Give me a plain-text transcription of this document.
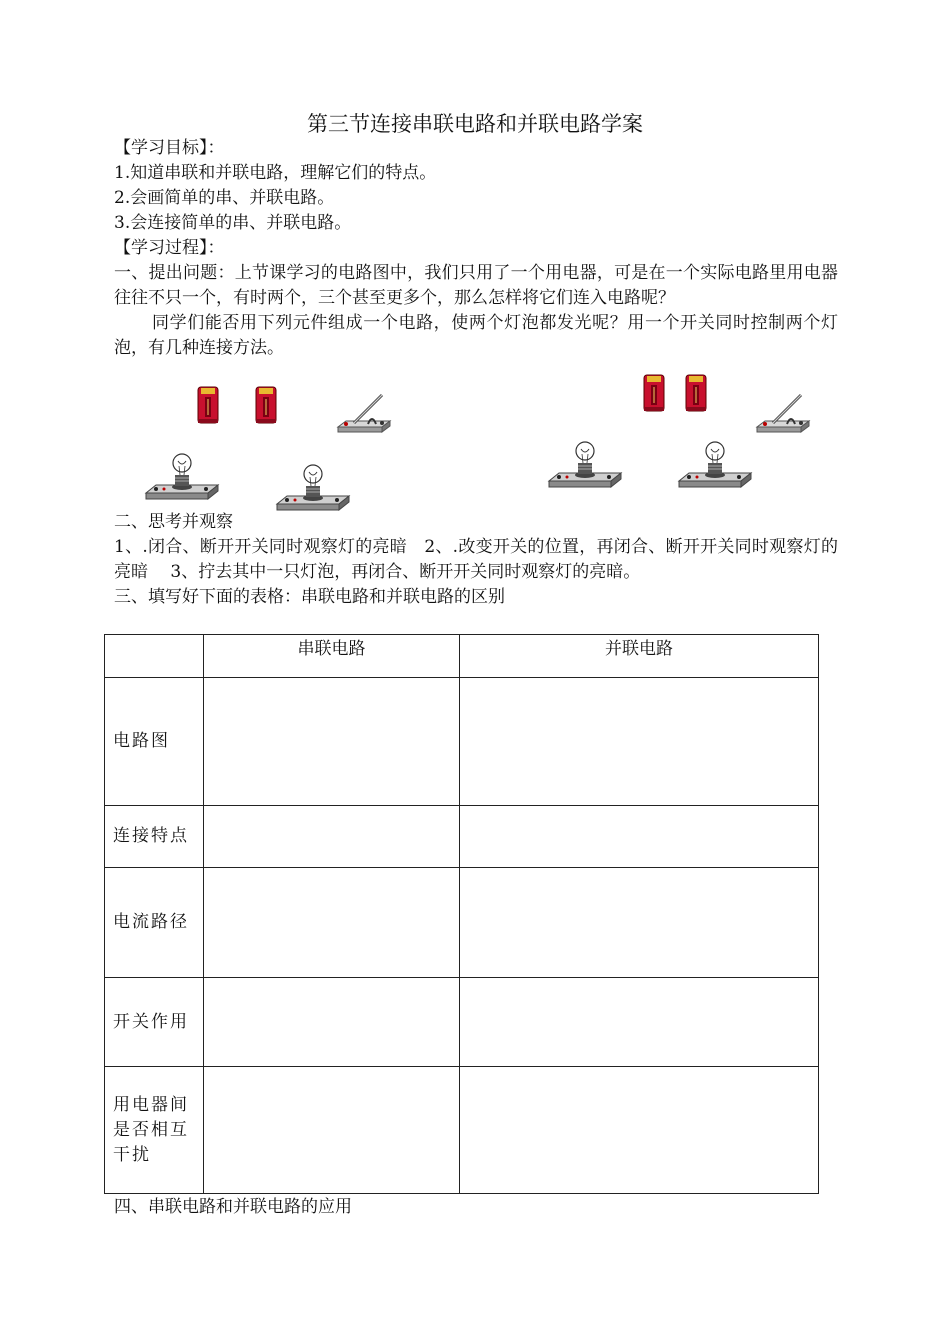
第三节连接串联电路和并联电路学案
【学习目标】：
1.知道串联和并联电路，理解它们的特点。
2.会画简单的串、并联电路。
3.会连接简单的串、并联电路。
【学习过程】：
一、提出问题：上节课学习的电路图中，我们只用了一个用电器，可是在一个实际电路里用电器往往不只一个，有时两个，三个甚至更多个，那么怎样将它们连入电路呢？
同学们能否用下列元件组成一个电路，使两个灯泡都发光呢？用一个开关同时控制两个灯泡，有几种连接方法。
二、思考并观察
1、.闭合、断开开关同时观察灯的亮暗　2、.改变开关的位置，再闭合、断开开关同时观察灯的亮暗　 3、拧去其中一只灯泡，再闭合、断开开关同时观察灯的亮暗。
三、填写好下面的表格：串联电路和并联电路的区别
	串联电路	并联电路
电路图		
连接特点		
电流路径		
开关作用		
用电器间是否相互干扰		
四、串联电路和并联电路的应用
